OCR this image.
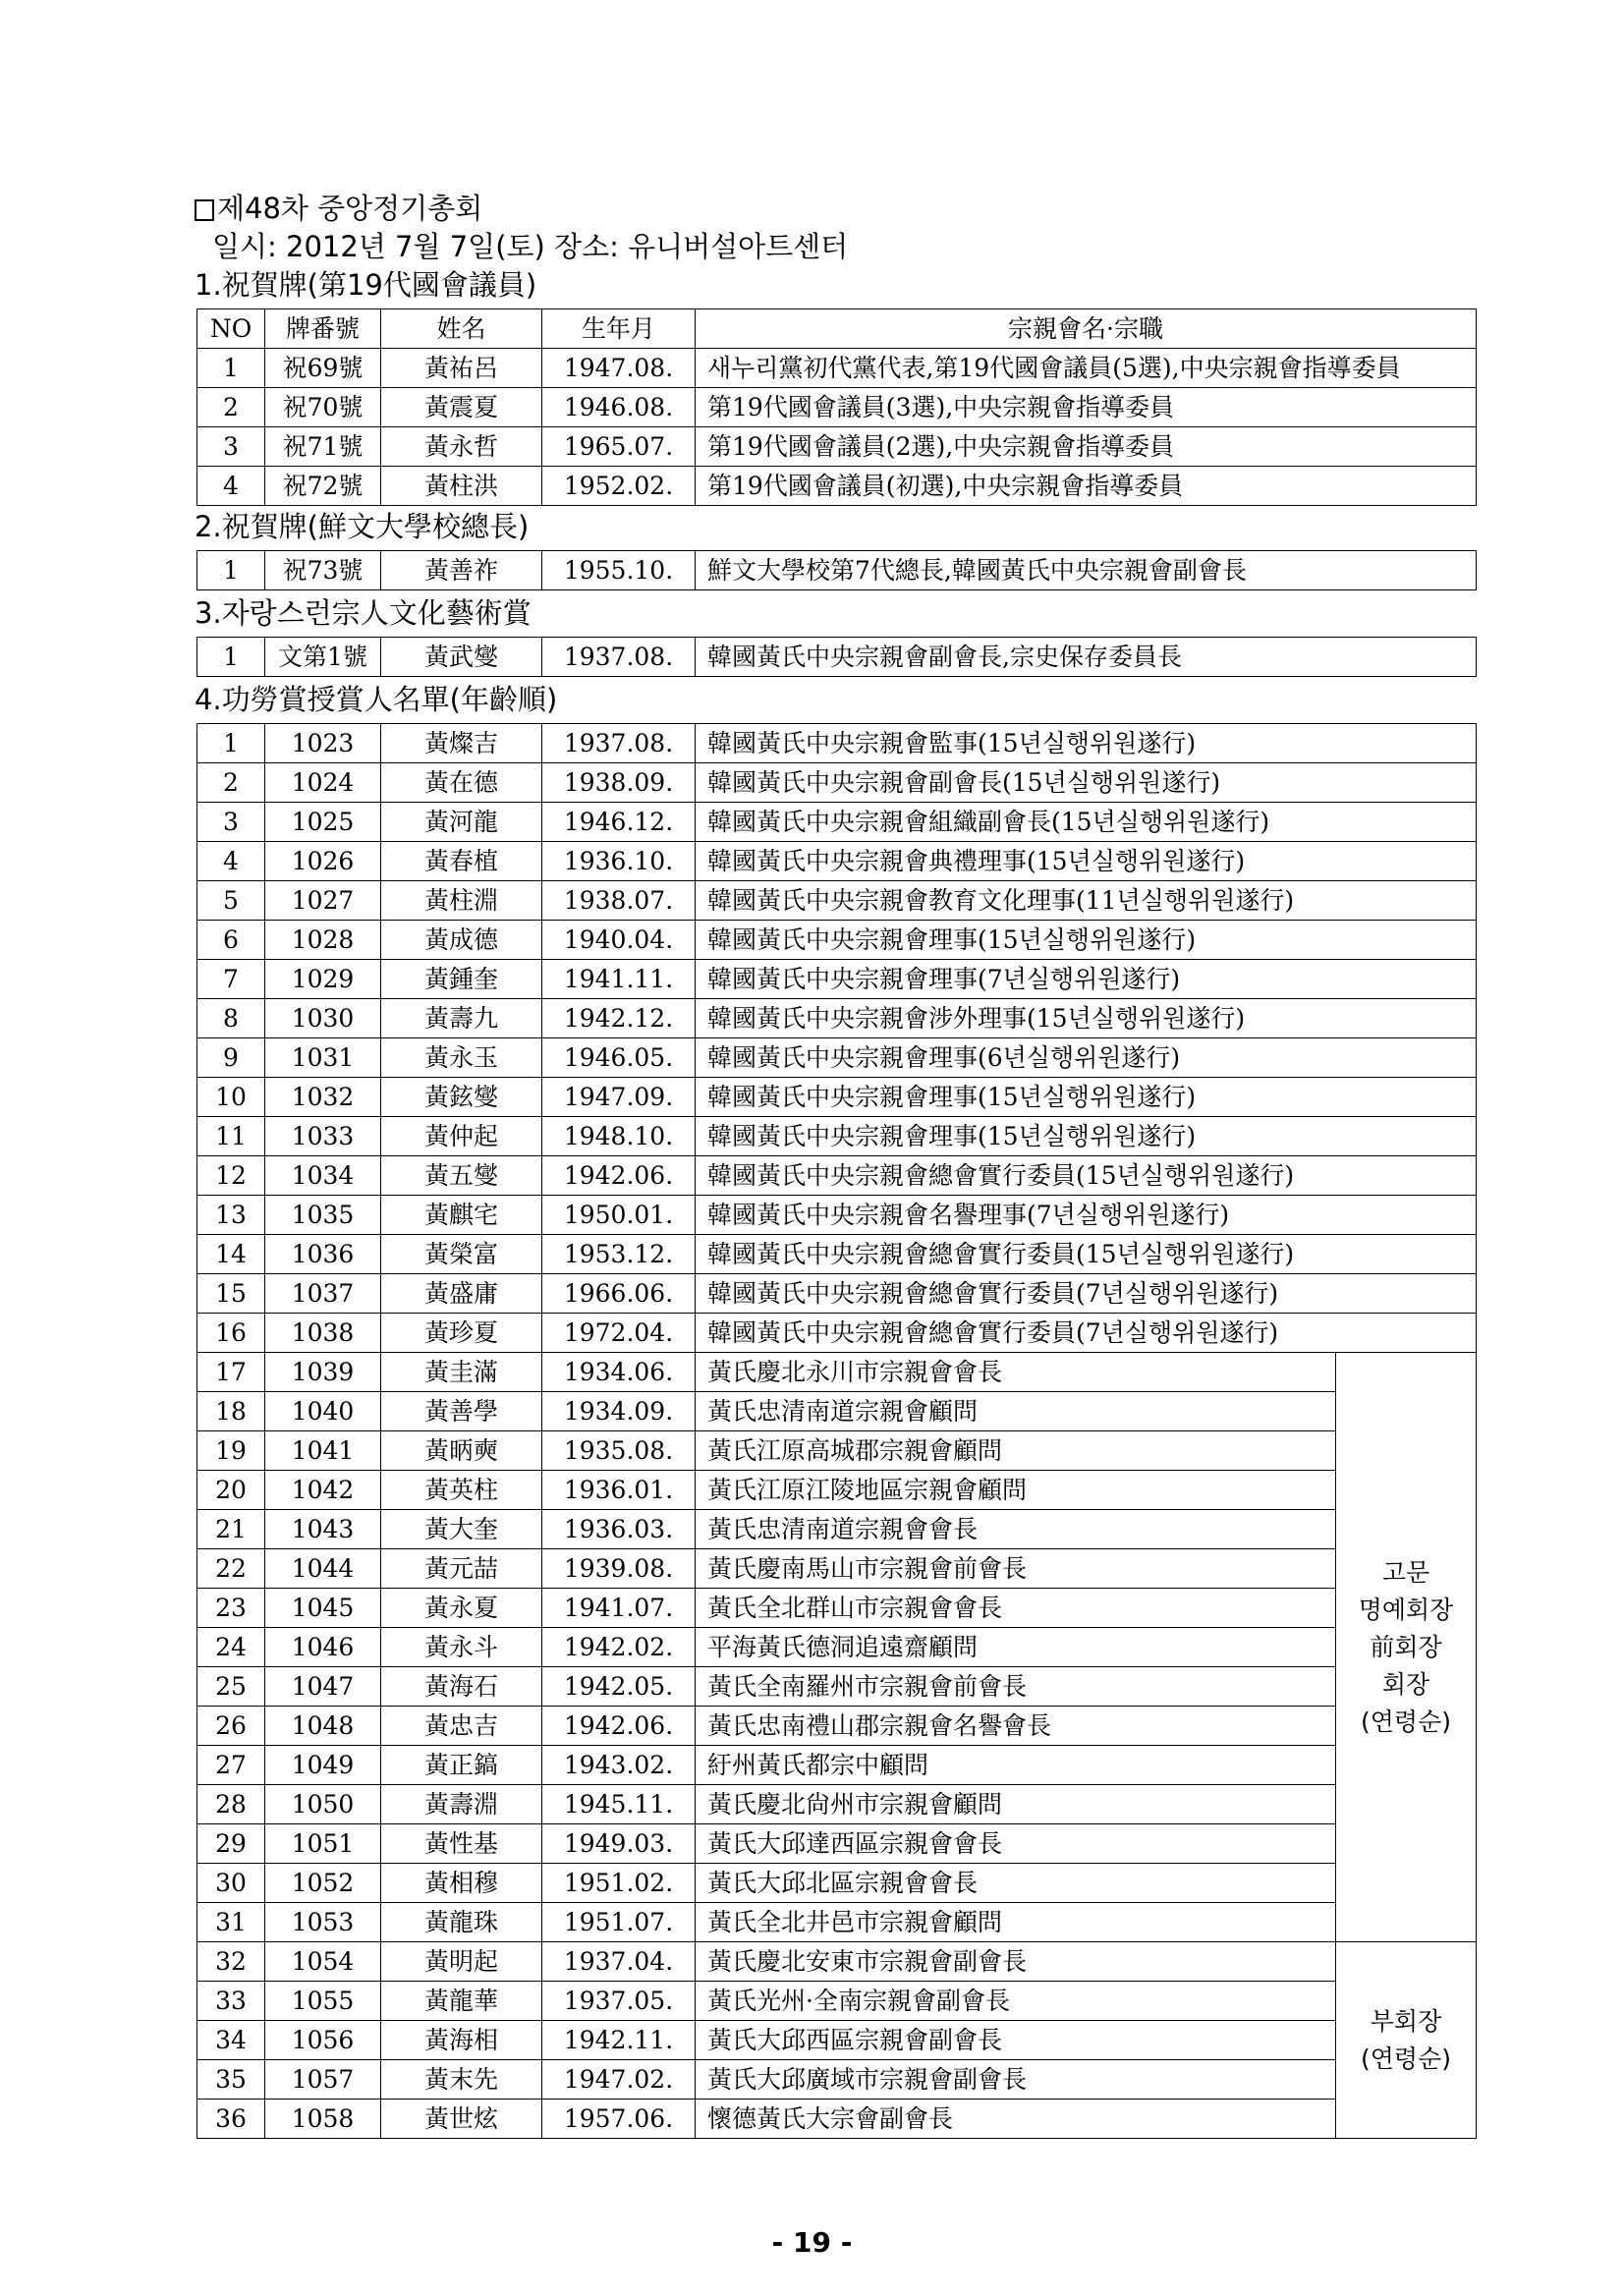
제48차 중앙정기총회
일시: 2012년 7월 7일(토) 장소: 유니버설아트센터
1.祝賀牌(第19代國會議員)
NO	牌番號	姓名	生年月	宗親會名·宗職
1	祝69號	黃祐呂	1947.08.	새누리黨初代黨代表,第19代國會議員(5選),中央宗親會指導委員
2	祝70號	黃震夏	1946.08.	第19代國會議員(3選),中央宗親會指導委員
3	祝71號	黃永哲	1965.07.	第19代國會議員(2選),中央宗親會指導委員
4	祝72號	黃柱洪	1952.02.	第19代國會議員(初選),中央宗親會指導委員
2.祝賀牌(鮮文大學校總長)
1	祝73號	黃善祚	1955.10.	鮮文大學校第7代總長,韓國黃氏中央宗親會副會長
3.자랑스런宗人文化藝術賞
1	文第1號	黃武燮	1937.08.	韓國黃氏中央宗親會副會長,宗史保存委員長
4.功勞賞授賞人名單(年齡順)
1	1023	黃燦吉	1937.08.	韓國黃氏中央宗親會監事(15년실행위원遂行)	
2	1024	黃在德	1938.09.	韓國黃氏中央宗親會副會長(15년실행위원遂行)	
3	1025	黃河龍	1946.12.	韓國黃氏中央宗親會組織副會長(15년실행위원遂行)	
4	1026	黃春植	1936.10.	韓國黃氏中央宗親會典禮理事(15년실행위원遂行)	
5	1027	黃柱淵	1938.07.	韓國黃氏中央宗親會教育文化理事(11년실행위원遂行)	
6	1028	黃成德	1940.04.	韓國黃氏中央宗親會理事(15년실행위원遂行)	
7	1029	黃鍾奎	1941.11.	韓國黃氏中央宗親會理事(7년실행위원遂行)	
8	1030	黃壽九	1942.12.	韓國黃氏中央宗親會涉外理事(15년실행위원遂行)	
9	1031	黃永玉	1946.05.	韓國黃氏中央宗親會理事(6년실행위원遂行)	
10	1032	黃鉉燮	1947.09.	韓國黃氏中央宗親會理事(15년실행위원遂行)	
11	1033	黃仲起	1948.10.	韓國黃氏中央宗親會理事(15년실행위원遂行)	
12	1034	黃五燮	1942.06.	韓國黃氏中央宗親會總會實行委員(15년실행위원遂行)	
13	1035	黃麒宅	1950.01.	韓國黃氏中央宗親會名譽理事(7년실행위원遂行)	
14	1036	黃榮富	1953.12.	韓國黃氏中央宗親會總會實行委員(15년실행위원遂行)	
15	1037	黃盛庸	1966.06.	韓國黃氏中央宗親會總會實行委員(7년실행위원遂行)	
16	1038	黃珍夏	1972.04.	韓國黃氏中央宗親會總會實行委員(7년실행위원遂行)	
17	1039	黃圭滿	1934.06.	黃氏慶北永川市宗親會會長	고문
명예회장
前회장
회장
(연령순)

18	1040	黃善學	1934.09.	黃氏忠清南道宗親會顧問	
19	1041	黃昞奭	1935.08.	黃氏江原高城郡宗親會顧問	
20	1042	黃英柱	1936.01.	黃氏江原江陵地區宗親會顧問	
21	1043	黃大奎	1936.03.	黃氏忠清南道宗親會會長	
22	1044	黃元喆	1939.08.	黃氏慶南馬山市宗親會前會長	
23	1045	黃永夏	1941.07.	黃氏全北群山市宗親會會長	
24	1046	黃永斗	1942.02.	平海黃氏德洞追遠齋顧問	
25	1047	黃海石	1942.05.	黃氏全南羅州市宗親會前會長	
26	1048	黃忠吉	1942.06.	黃氏忠南禮山郡宗親會名譽會長	
27	1049	黃正鎬	1943.02.	紆州黃氏都宗中顧問	
28	1050	黃壽淵	1945.11.	黃氏慶北尙州市宗親會顧問	
29	1051	黃性基	1949.03.	黃氏大邱達西區宗親會會長	
30	1052	黃相穆	1951.02.	黃氏大邱北區宗親會會長	
31	1053	黃龍珠	1951.07.	黃氏全北井邑市宗親會顧問	
32	1054	黃明起	1937.04.	黃氏慶北安東市宗親會副會長	부회장
(연령순)

33	1055	黃龍華	1937.05.	黃氏光州·全南宗親會副會長	
34	1056	黃海相	1942.11.	黃氏大邱西區宗親會副會長	
35	1057	黃末先	1947.02.	黃氏大邱廣域市宗親會副會長	
36	1058	黃世炫	1957.06.	懷德黃氏大宗會副會長	
- 19 -
